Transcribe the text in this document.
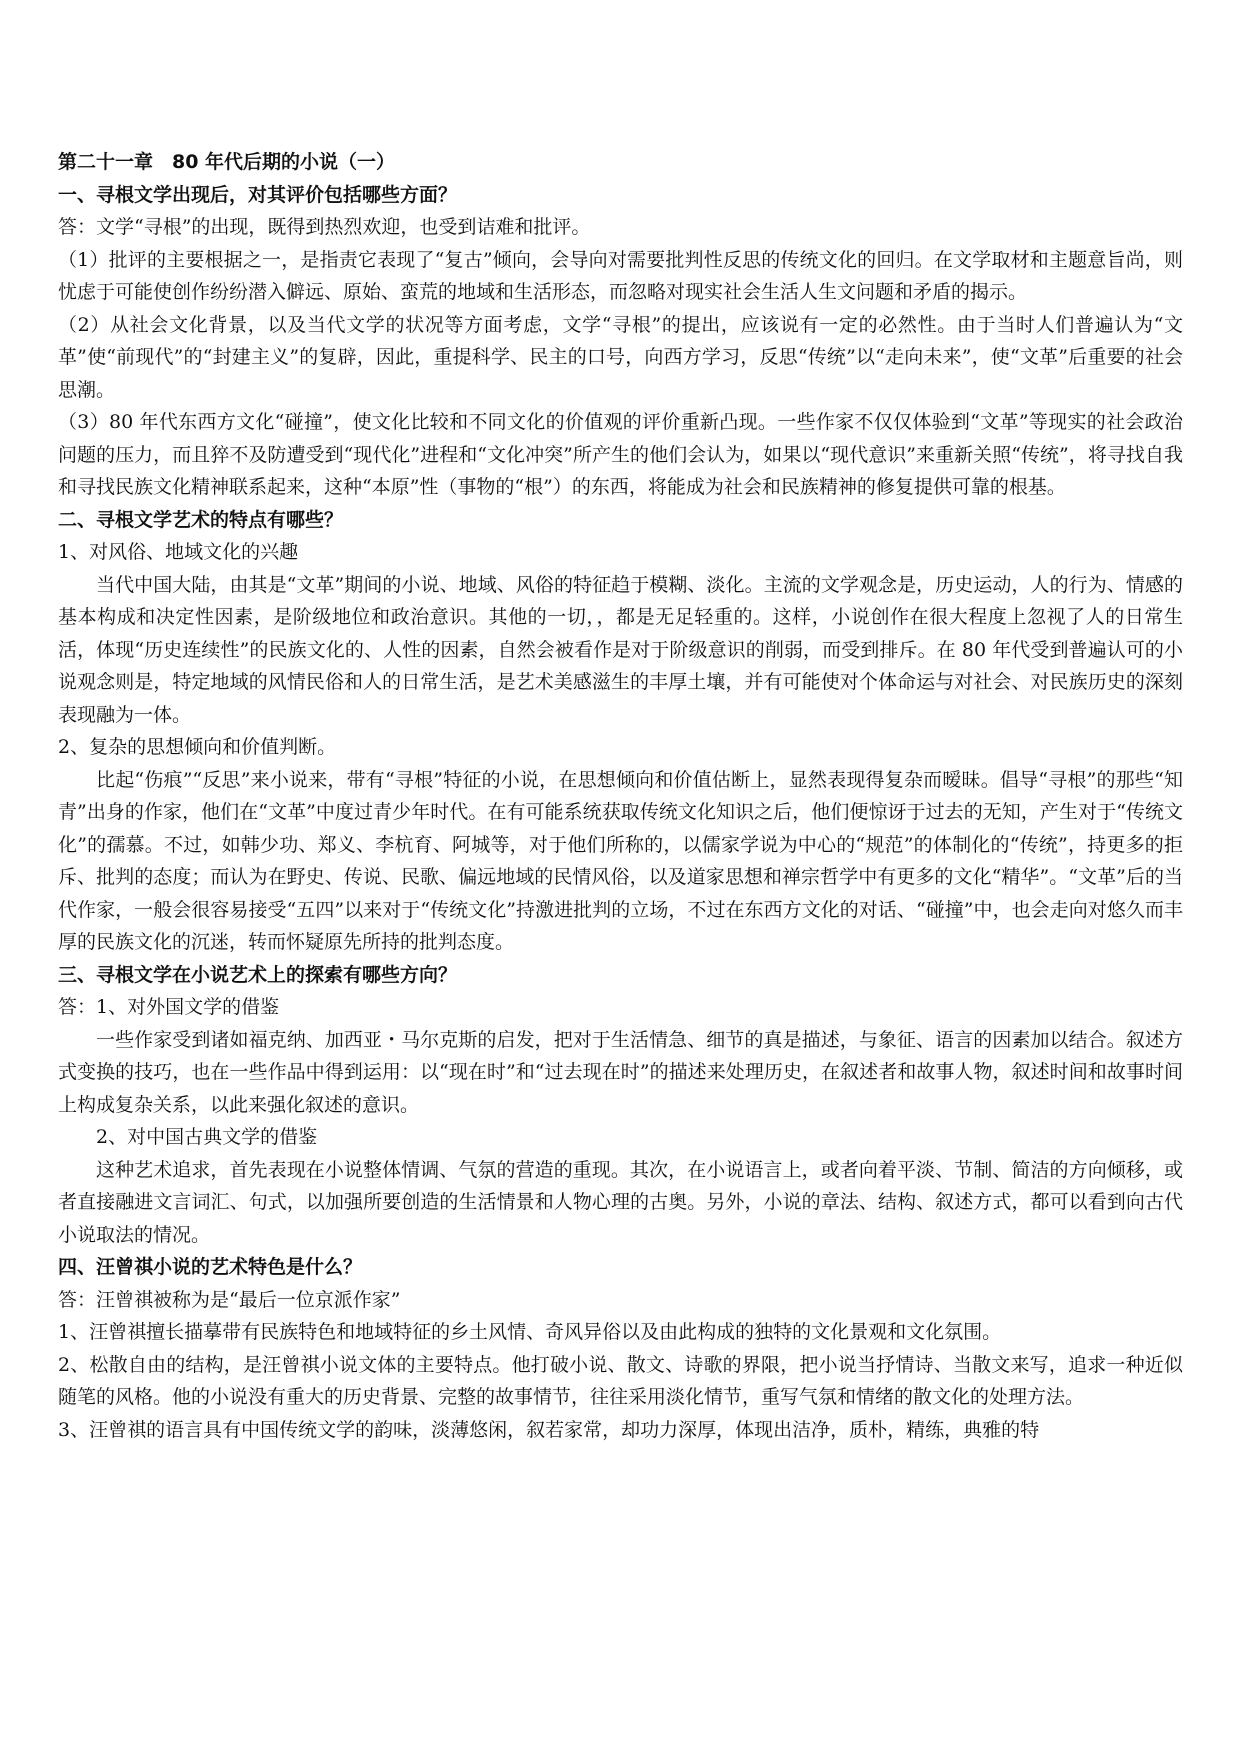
第二十一章　80 年代后期的小说（一）

一、寻根文学出现后，对其评价包括哪些方面？

答：文学“寻根”的出现，既得到热烈欢迎，也受到诘难和批评。

（1）批评的主要根据之一，是指责它表现了“复古”倾向，会导向对需要批判性反思的传统文化的回归。在文学取材和主题意旨尚，则忧虑于可能使创作纷纷潜入僻远、原始、蛮荒的地域和生活形态，而忽略对现实社会生活人生文问题和矛盾的揭示。

（2）从社会文化背景，以及当代文学的状况等方面考虑，文学“寻根”的提出，应该说有一定的必然性。由于当时人们普遍认为“文革”使“前现代”的“封建主义”的复辟，因此，重提科学、民主的口号，向西方学习，反思“传统”以“走向未来”，使“文革”后重要的社会思潮。

（3）80 年代东西方文化“碰撞”，使文化比较和不同文化的价值观的评价重新凸现。一些作家不仅仅体验到“文革”等现实的社会政治问题的压力，而且猝不及防遭受到“现代化”进程和“文化冲突”所产生的他们会认为，如果以“现代意识”来重新关照“传统”，将寻找自我和寻找民族文化精神联系起来，这种“本原”性（事物的“根”）的东西，将能成为社会和民族精神的修复提供可靠的根基。

二、寻根文学艺术的特点有哪些？

1、对风俗、地域文化的兴趣

当代中国大陆，由其是“文革”期间的小说、地域、风俗的特征趋于模糊、淡化。主流的文学观念是，历史运动，人的行为、情感的基本构成和决定性因素，是阶级地位和政治意识。其他的一切，，都是无足轻重的。这样，小说创作在很大程度上忽视了人的日常生活，体现“历史连续性”的民族文化的、人性的因素，自然会被看作是对于阶级意识的削弱，而受到排斥。在 80 年代受到普遍认可的小说观念则是，特定地域的风情民俗和人的日常生活，是艺术美感滋生的丰厚土壤，并有可能使对个体命运与对社会、对民族历史的深刻表现融为一体。

2、复杂的思想倾向和价值判断。

比起“伤痕”“反思”来小说来，带有“寻根”特征的小说，在思想倾向和价值估断上，显然表现得复杂而暧昧。倡导“寻根”的那些“知青”出身的作家，他们在“文革”中度过青少年时代。在有可能系统获取传统文化知识之后，他们便惊讶于过去的无知，产生对于“传统文化”的孺慕。不过，如韩少功、郑义、李杭育、阿城等，对于他们所称的，以儒家学说为中心的“规范”的体制化的“传统”，持更多的拒斥、批判的态度；而认为在野史、传说、民歌、偏远地域的民情风俗，以及道家思想和禅宗哲学中有更多的文化“精华”。“文革”后的当代作家，一般会很容易接受“五四”以来对于“传统文化”持激进批判的立场，不过在东西方文化的对话、“碰撞”中，也会走向对悠久而丰厚的民族文化的沉迷，转而怀疑原先所持的批判态度。

三、寻根文学在小说艺术上的探索有哪些方向？

答：1、对外国文学的借鉴

一些作家受到诸如福克纳、加西亚・马尔克斯的启发，把对于生活情急、细节的真是描述，与象征、语言的因素加以结合。叙述方式变换的技巧，也在一些作品中得到运用：以“现在时”和“过去现在时”的描述来处理历史，在叙述者和故事人物，叙述时间和故事时间上构成复杂关系，以此来强化叙述的意识。

2、对中国古典文学的借鉴

这种艺术追求，首先表现在小说整体情调、气氛的营造的重现。其次，在小说语言上，或者向着平淡、节制、简洁的方向倾移，或者直接融进文言词汇、句式，以加强所要创造的生活情景和人物心理的古奥。另外，小说的章法、结构、叙述方式，都可以看到向古代小说取法的情况。

四、汪曾祺小说的艺术特色是什么？

答：汪曾祺被称为是“最后一位京派作家”

1、汪曾祺擅长描摹带有民族特色和地域特征的乡土风情、奇风异俗以及由此构成的独特的文化景观和文化氛围。

2、松散自由的结构，是汪曾祺小说文体的主要特点。他打破小说、散文、诗歌的界限，把小说当抒情诗、当散文来写，追求一种近似随笔的风格。他的小说没有重大的历史背景、完整的故事情节，往往采用淡化情节，重写气氛和情绪的散文化的处理方法。

3、汪曾祺的语言具有中国传统文学的韵味，淡薄悠闲，叙若家常，却功力深厚，体现出洁净，质朴，精练，典雅的特
